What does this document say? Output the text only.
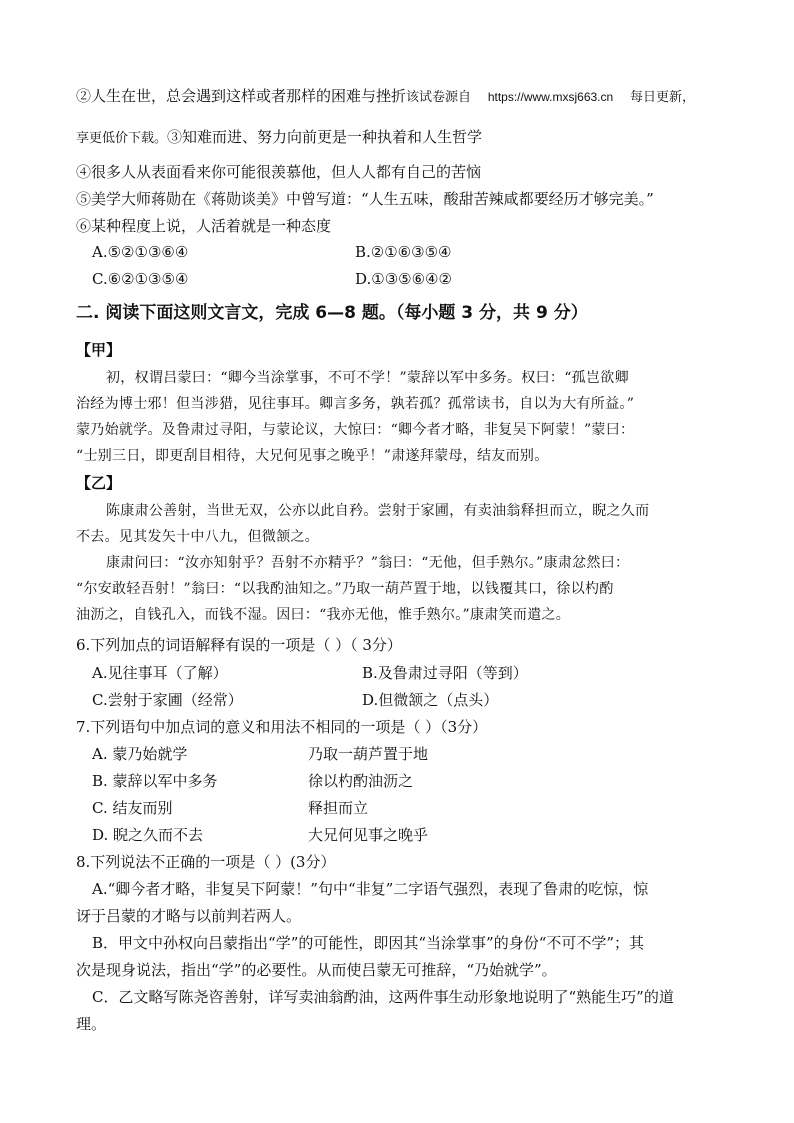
②人生在世，总会遇到这样或者那样的困难与挫折该试卷源自 https://www.mxsj663.cn 每日更新，
享更低价下载。③知难而进、努力向前更是一种执着和人生哲学
④很多人从表面看来你可能很羡慕他，但人人都有自己的苦恼
⑤美学大师蒋勋在《蒋勋谈美》中曾写道：“人生五味，酸甜苦辣咸都要经历才够完美。”
⑥某种程度上说，人活着就是一种态度
A.⑤②①③⑥④	B.②①⑥③⑤④
C.⑥②①③⑤④	D.①③⑤⑥④②
二. 阅读下面这则文言文，完成 6—8 题。（每小题 3 分，共 9 分）
【甲】
初，权谓吕蒙曰：“卿今当涂掌事，不可不学！”蒙辞以军中多务。权曰：“孤岂欲卿
治经为博士邪！但当涉猎，见往事耳。卿言多务，孰若孤？孤常读书，自以为大有所益。”
蒙乃始就学。及鲁肃过寻阳，与蒙论议，大惊曰：“卿今者才略，非复吴下阿蒙！”蒙曰：
“士别三日，即更刮目相待，大兄何见事之晚乎！”肃遂拜蒙母，结友而别。
【乙】
陈康肃公善射，当世无双，公亦以此自矜。尝射于家圃，有卖油翁释担而立，睨之久而
不去。见其发矢十中八九，但微颔之。
康肃问曰：“汝亦知射乎？吾射不亦精乎？”翁曰：“无他，但手熟尔。”康肃忿然曰：
“尔安敢轻吾射！”翁曰：“以我酌油知之。”乃取一葫芦置于地，以钱覆其口，徐以杓酌
油沥之，自钱孔入，而钱不湿。因曰：“我亦无他，惟手熟尔。”康肃笑而遣之。
6.下列加点的词语解释有误的一项是（ ）（ 3分）
A.见往事耳（了解）	B.及鲁肃过寻阳（等到）
C.尝射于家圃（经常）	D.但微颔之（点头）
7.下列语句中加点词的意义和用法不相同的一项是（ ）（3分）
A. 蒙乃始就学	乃取一葫芦置于地
B. 蒙辞以军中多务	徐以杓酌油沥之
C. 结友而别	释担而立
D. 睨之久而不去	大兄何见事之晚乎
8.下列说法不正确的一项是（ ）(3分）
A.“卿今者才略，非复吴下阿蒙！”句中“非复”二字语气强烈，表现了鲁肃的吃惊，惊
讶于吕蒙的才略与以前判若两人。
B．甲文中孙权向吕蒙指出“学”的可能性，即因其“当涂掌事”的身份“不可不学”；其
次是现身说法，指出“学”的必要性。从而使吕蒙无可推辞，“乃始就学”。
C．乙文略写陈尧咨善射，详写卖油翁酌油，这两件事生动形象地说明了“熟能生巧”的道
理。
